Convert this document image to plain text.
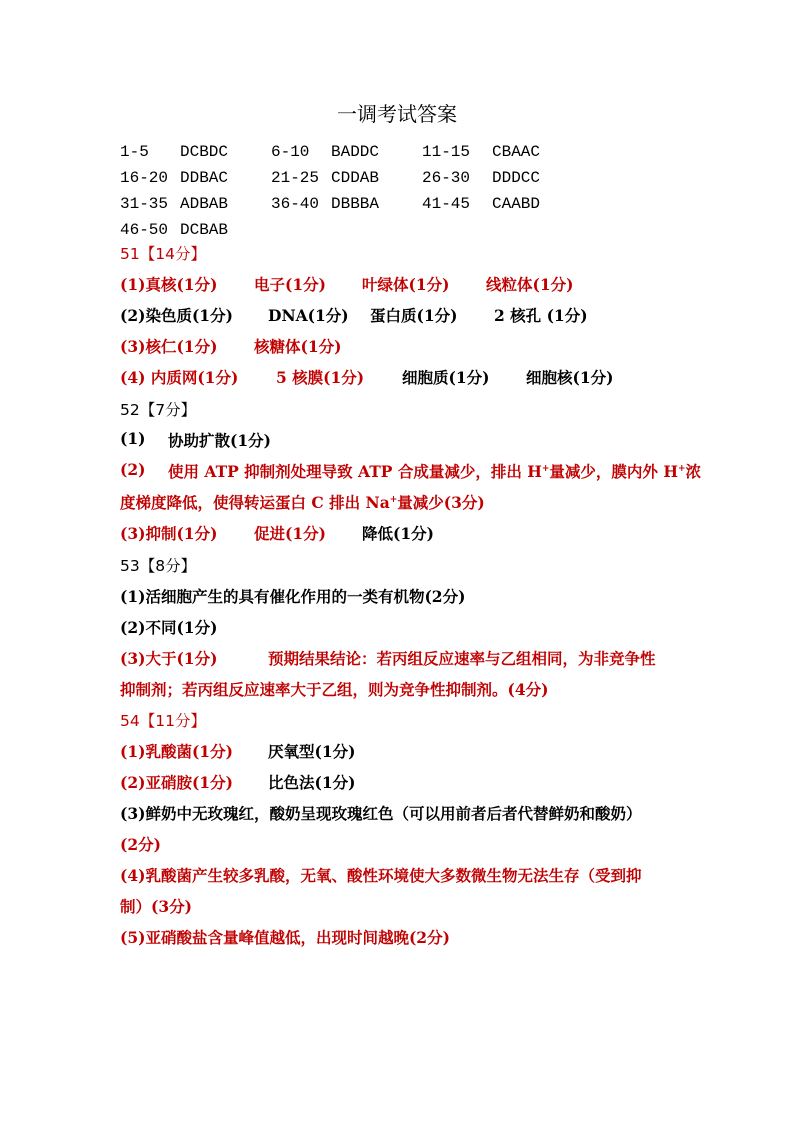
一调考试答案
1-5 DCBDC	6-10 BADDC	11-15 CBAAC
16-20 DDBAC	21-25 CDDAB	26-30 DDDCC
31-35 ADBAB	36-40 DBBBA	41-45 CAABD
46-50 DCBAB
51【14分】
(1)真核(1分) 电子(1分) 叶绿体(1分) 线粒体(1分)
(2)染色质(1分) DNA(1分) 蛋白质(1分) 2 核孔 (1分)
(3)核仁(1分) 核糖体(1分)
(4) 内质网(1分) 5 核膜(1分) 细胞质(1分) 细胞核(1分)
52【7分】
(1) 协助扩散(1分)
(2) 使用 ATP 抑制剂处理导致 ATP 合成量减少，排出 H+量减少，膜内外 H+浓
度梯度降低，使得转运蛋白 C 排出 Na+量减少(3分)
(3)抑制(1分) 促进(1分) 降低(1分)
53【8分】
(1)活细胞产生的具有催化作用的一类有机物(2分)
(2)不同(1分)
(3)大于(1分)	预期结果结论：若丙组反应速率与乙组相同，为非竞争性
抑制剂；若丙组反应速率大于乙组，则为竞争性抑制剂。(4分)
54【11分】
(1)乳酸菌(1分) 厌氧型(1分)
(2)亚硝胺(1分) 比色法(1分)
(3)鲜奶中无玫瑰红，酸奶呈现玫瑰红色（可以用前者后者代替鲜奶和酸奶）
(2分)
(4)乳酸菌产生较多乳酸，无氧、酸性环境使大多数微生物无法生存（受到抑
制）(3分)
(5)亚硝酸盐含量峰值越低，出现时间越晚(2分)
